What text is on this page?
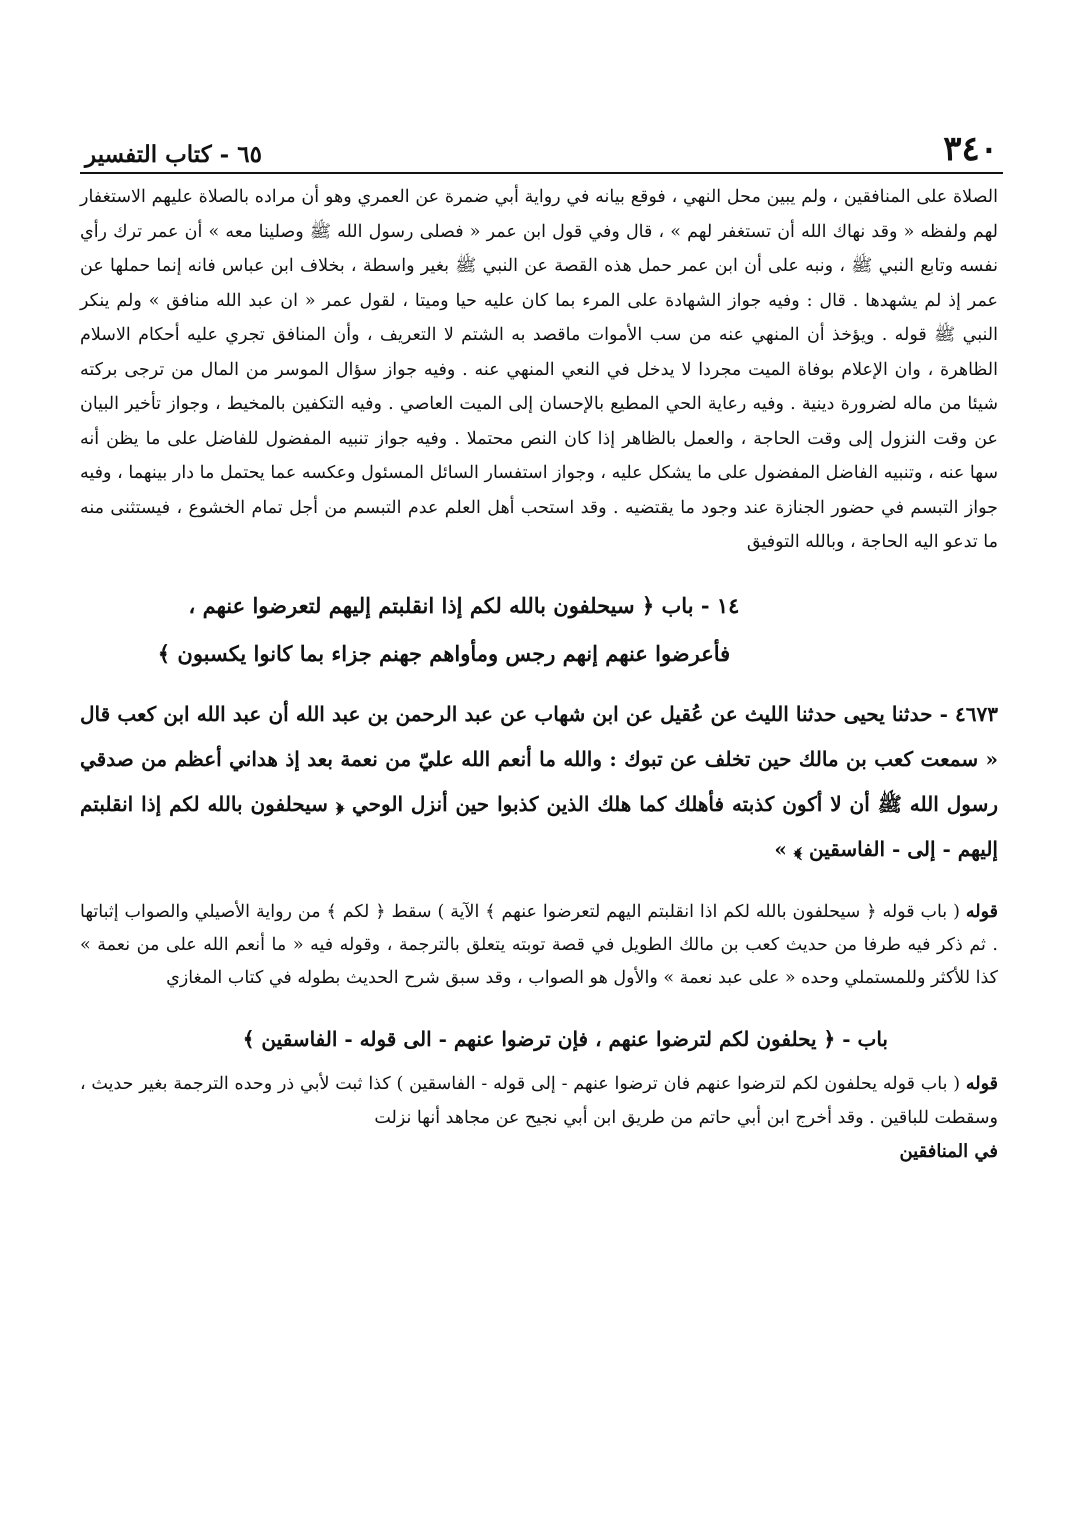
٣٤٠
٦٥ - كتاب التفسير

الصلاة على المنافقين ، ولم يبين محل النهي ، فوقع بيانه في رواية أبي ضمرة عن العمري وهو أن مراده بالصلاة عليهم الاستغفار لهم ولفظه « وقد نهاك الله أن تستغفر لهم » ، قال وفي قول ابن عمر « فصلى رسول الله ﷺ وصلينا معه » أن عمر ترك رأي نفسه وتابع النبي ﷺ ، ونبه على أن ابن عمر حمل هذه القصة عن النبي ﷺ بغير واسطة ، بخلاف ابن عباس فانه إنما حملها عن عمر إذ لم يشهدها . قال : وفيه جواز الشهادة على المرء بما كان عليه حيا وميتا ، لقول عمر « ان عبد الله منافق » ولم ينكر النبي ﷺ قوله . ويؤخذ أن المنهي عنه من سب الأموات ماقصد به الشتم لا التعريف ، وأن المنافق تجري عليه أحكام الاسلام الظاهرة ، وان الإعلام بوفاة الميت مجردا لا يدخل في النعي المنهي عنه . وفيه جواز سؤال الموسر من المال من ترجى بركته شيئا من ماله لضرورة دينية . وفيه رعاية الحي المطيع بالإحسان إلى الميت العاصي . وفيه التكفين بالمخيط ، وجواز تأخير البيان عن وقت النزول إلى وقت الحاجة ، والعمل بالظاهر إذا كان النص محتملا . وفيه جواز تنبيه المفضول للفاضل على ما يظن أنه سها عنه ، وتنبيه الفاضل المفضول على ما يشكل عليه ، وجواز استفسار السائل المسئول وعكسه عما يحتمل ما دار بينهما ، وفيه جواز التبسم في حضور الجنازة عند وجود ما يقتضيه . وقد استحب أهل العلم عدم التبسم من أجل تمام الخشوع ، فيستثنى منه ما تدعو اليه الحاجة ، وبالله التوفيق

١٤ - باب ﴿ سيحلفون بالله لكم إذا انقلبتم إليهم لتعرضوا عنهم ،
فأعرضوا عنهم إنهم رجس ومأواهم جهنم جزاء بما كانوا يكسبون ﴾

٤٦٧٣ - حدثنا يحيى حدثنا الليث عن عُقيل عن ابن شهاب عن عبد الرحمن بن عبد الله أن عبد الله ابن كعب قال « سمعت كعب بن مالك حين تخلف عن تبوك : والله ما أنعم الله عليّ من نعمة بعد إذ هداني أعظم من صدقي رسول الله ﷺ أن لا أكون كذبته فأهلك كما هلك الذين كذبوا حين أنزل الوحي ﴿ سيحلفون بالله لكم إذا انقلبتم إليهم - إلى - الفاسقين ﴾ »

قوله ( باب قوله ﴿ سيحلفون بالله لكم اذا انقلبتم اليهم لتعرضوا عنهم ﴾ الآية ) سقط ﴿ لكم ﴾ من رواية الأصيلي والصواب إثباتها . ثم ذكر فيه طرفا من حديث كعب بن مالك الطويل في قصة توبته يتعلق بالترجمة ، وقوله فيه « ما أنعم الله على من نعمة » كذا للأكثر وللمستملي وحده « على عبد نعمة » والأول هو الصواب ، وقد سبق شرح الحديث بطوله في كتاب المغازي

باب - ﴿ يحلفون لكم لترضوا عنهم ، فإن ترضوا عنهم - الى قوله - الفاسقين ﴾

قوله ( باب قوله يحلفون لكم لترضوا عنهم فان ترضوا عنهم - إلى قوله - الفاسقين ) كذا ثبت لأبي ذر وحده الترجمة بغير حديث ، وسقطت للباقين . وقد أخرج ابن أبي حاتم من طريق ابن أبي نجيح عن مجاهد أنها نزلت
في المنافقين
